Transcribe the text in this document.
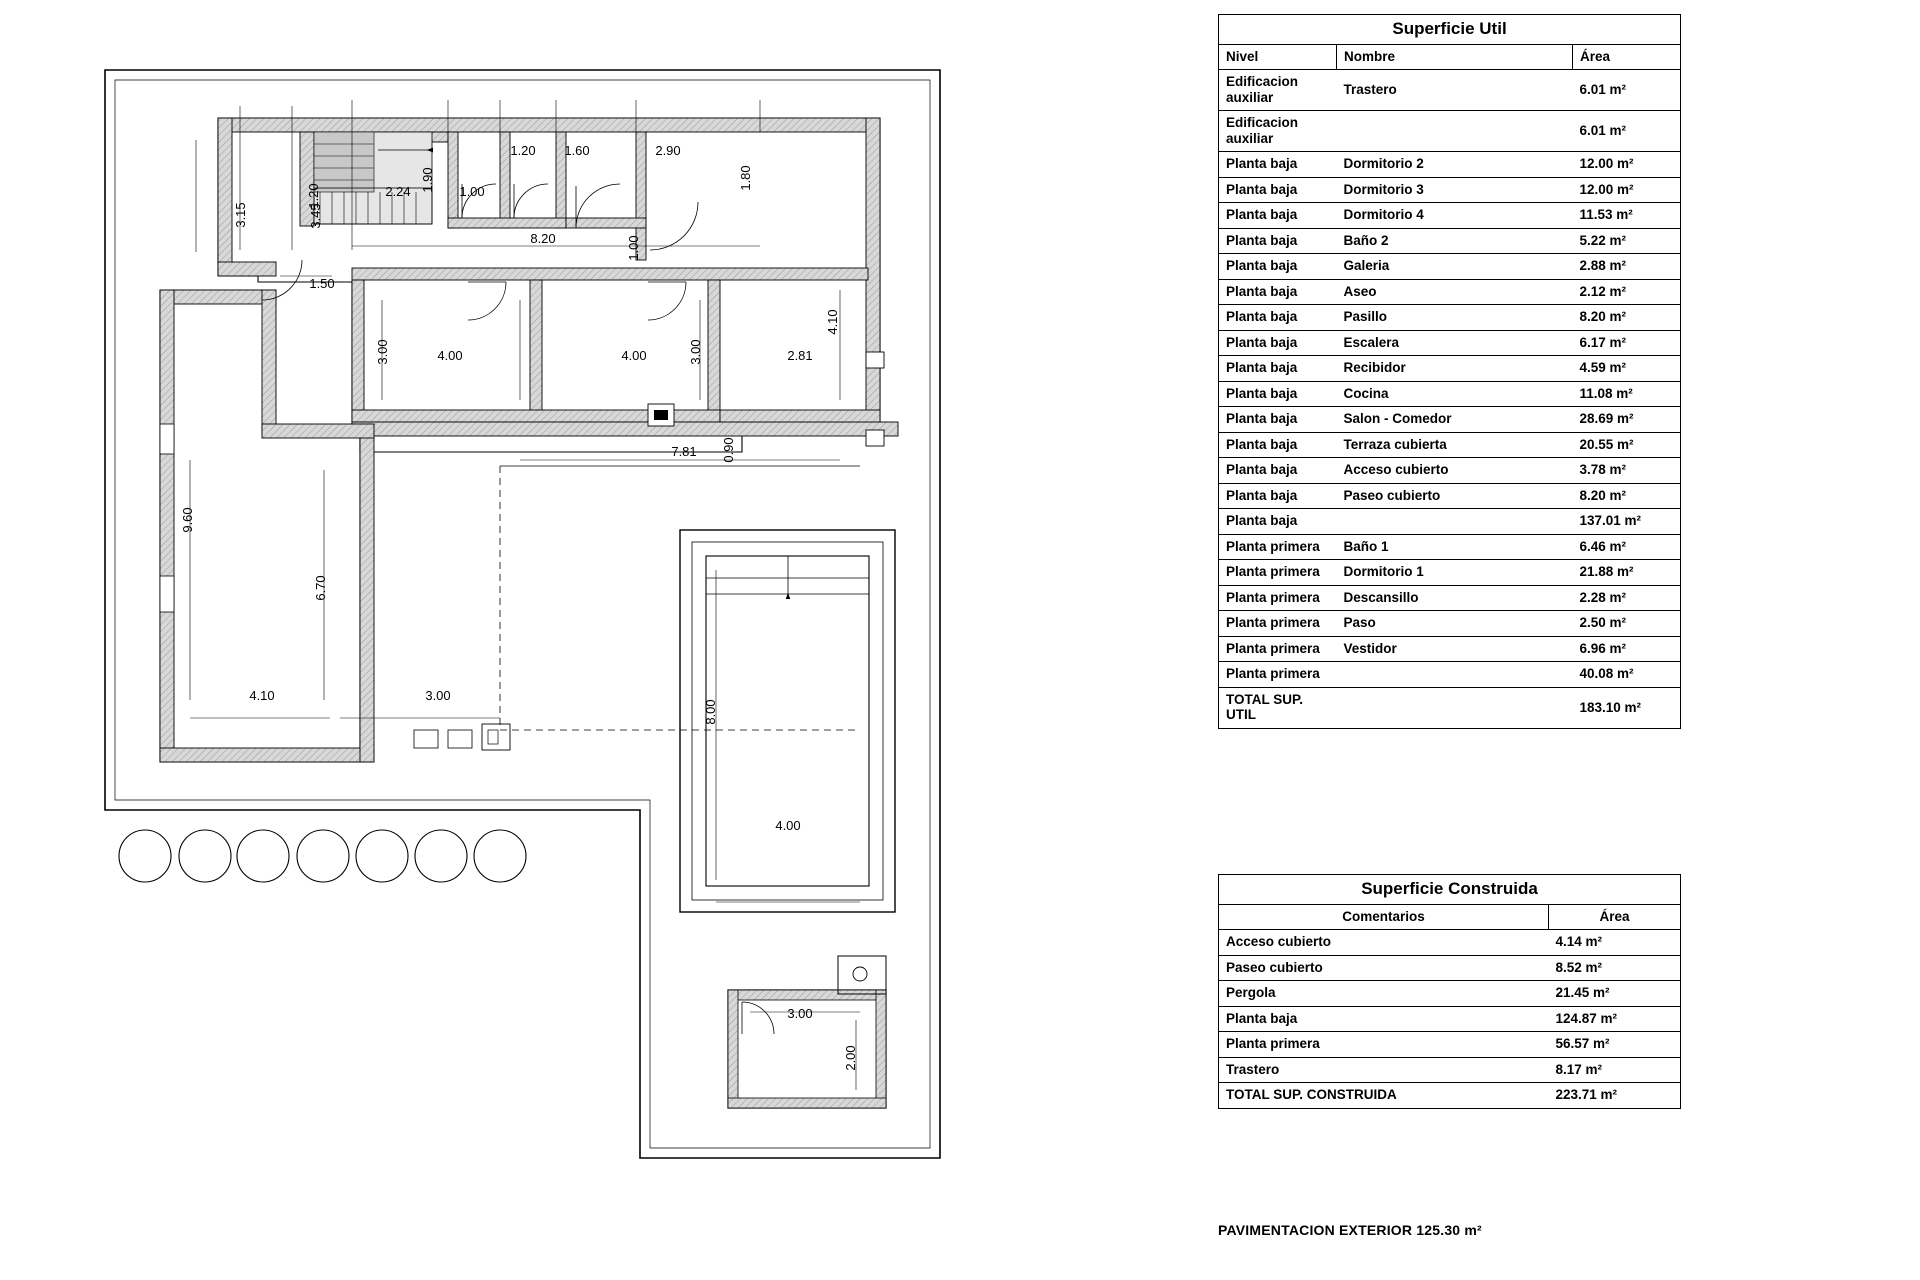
3.15
1.20
3.45
2.24 1.90 1.00
1.20 1.60	2.90
1.80
8.20	1.00
1.50
3.00	4.00	4.00	3.00	2.81
4.10
7.81 0.90
9.60
6.70
4.10	3.00
8.00
4.00
3.00
2.00
Superficie Util		
Nivel	Nombre	Área
Edificacion auxiliar	Trastero	6.01 m²
Edificacion auxiliar		6.01 m²
Planta baja	Dormitorio 2	12.00 m²
Planta baja	Dormitorio 3	12.00 m²
Planta baja	Dormitorio 4	11.53 m²
Planta baja	Baño 2	5.22 m²
Planta baja	Galeria	2.88 m²
Planta baja	Aseo	2.12 m²
Planta baja	Pasillo	8.20 m²
Planta baja	Escalera	6.17 m²
Planta baja	Recibidor	4.59 m²
Planta baja	Cocina	11.08 m²
Planta baja	Salon - Comedor	28.69 m²
Planta baja	Terraza cubierta	20.55 m²
Planta baja	Acceso cubierto	3.78 m²
Planta baja	Paseo cubierto	8.20 m²
Planta baja		137.01 m²
Planta primera	Baño 1	6.46 m²
Planta primera	Dormitorio 1	21.88 m²
Planta primera	Descansillo	2.28 m²
Planta primera	Paso	2.50 m²
Planta primera	Vestidor	6.96 m²
Planta primera		40.08 m²
TOTAL SUP. UTIL		183.10 m²
Superficie Construida	
Comentarios	Área
Acceso cubierto	4.14 m²
Paseo cubierto	8.52 m²
Pergola	21.45 m²
Planta baja	124.87 m²
Planta primera	56.57 m²
Trastero	8.17 m²
TOTAL SUP. CONSTRUIDA	223.71 m²
PAVIMENTACION EXTERIOR 125.30 m²
